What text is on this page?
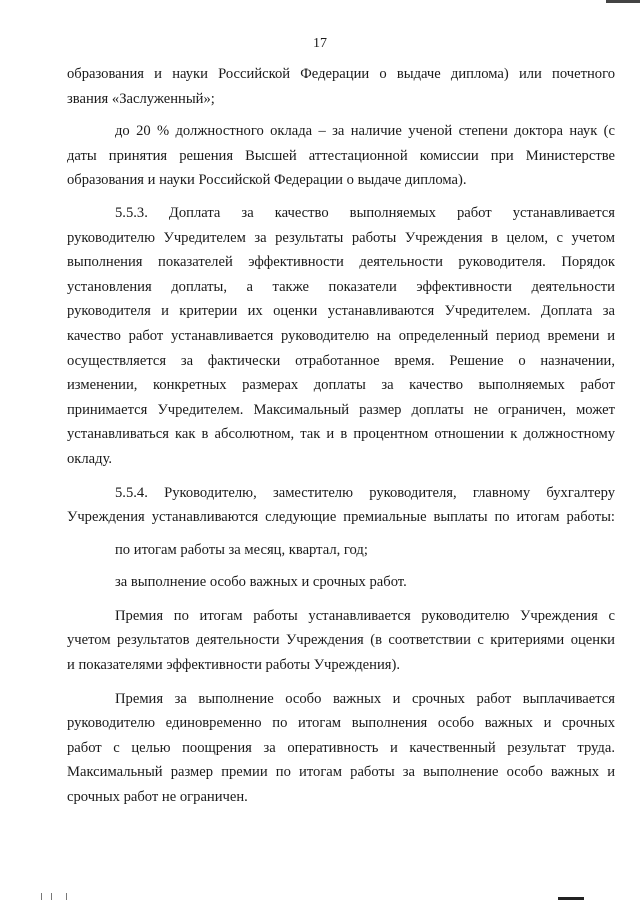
17
образования и науки Российской Федерации о выдаче диплома) или почетного
звания «Заслуженный»;
до 20 % должностного оклада – за наличие ученой степени доктора наук (с
даты принятия решения Высшей аттестационной комиссии при Министерстве
образования и науки Российской Федерации о выдаче диплома).
5.5.3. Доплата за качество выполняемых работ устанавливается
руководителю Учредителем за результаты работы Учреждения в целом, с учетом
выполнения показателей эффективности деятельности руководителя. Порядок
установления доплаты, а также показатели эффективности деятельности
руководителя и критерии их оценки устанавливаются Учредителем. Доплата за
качество работ устанавливается руководителю на определенный период времени и
осуществляется за фактически отработанное время. Решение о назначении,
изменении, конкретных размерах доплаты за качество выполняемых работ
принимается Учредителем. Максимальный размер доплаты не ограничен, может
устанавливаться как в абсолютном, так и в процентном отношении к должностному
окладу.
5.5.4. Руководителю, заместителю руководителя, главному бухгалтеру
Учреждения устанавливаются следующие премиальные выплаты по итогам работы:
по итогам работы за месяц, квартал, год;
за выполнение особо важных и срочных работ.
Премия по итогам работы устанавливается руководителю Учреждения с
учетом результатов деятельности Учреждения (в соответствии с критериями оценки
и показателями эффективности работы Учреждения).
Премия за выполнение особо важных и срочных работ выплачивается
руководителю единовременно по итогам выполнения особо важных и срочных
работ с целью поощрения за оперативность и качественный результат труда.
Максимальный размер премии по итогам работы за выполнение особо важных и
срочных работ не ограничен.
